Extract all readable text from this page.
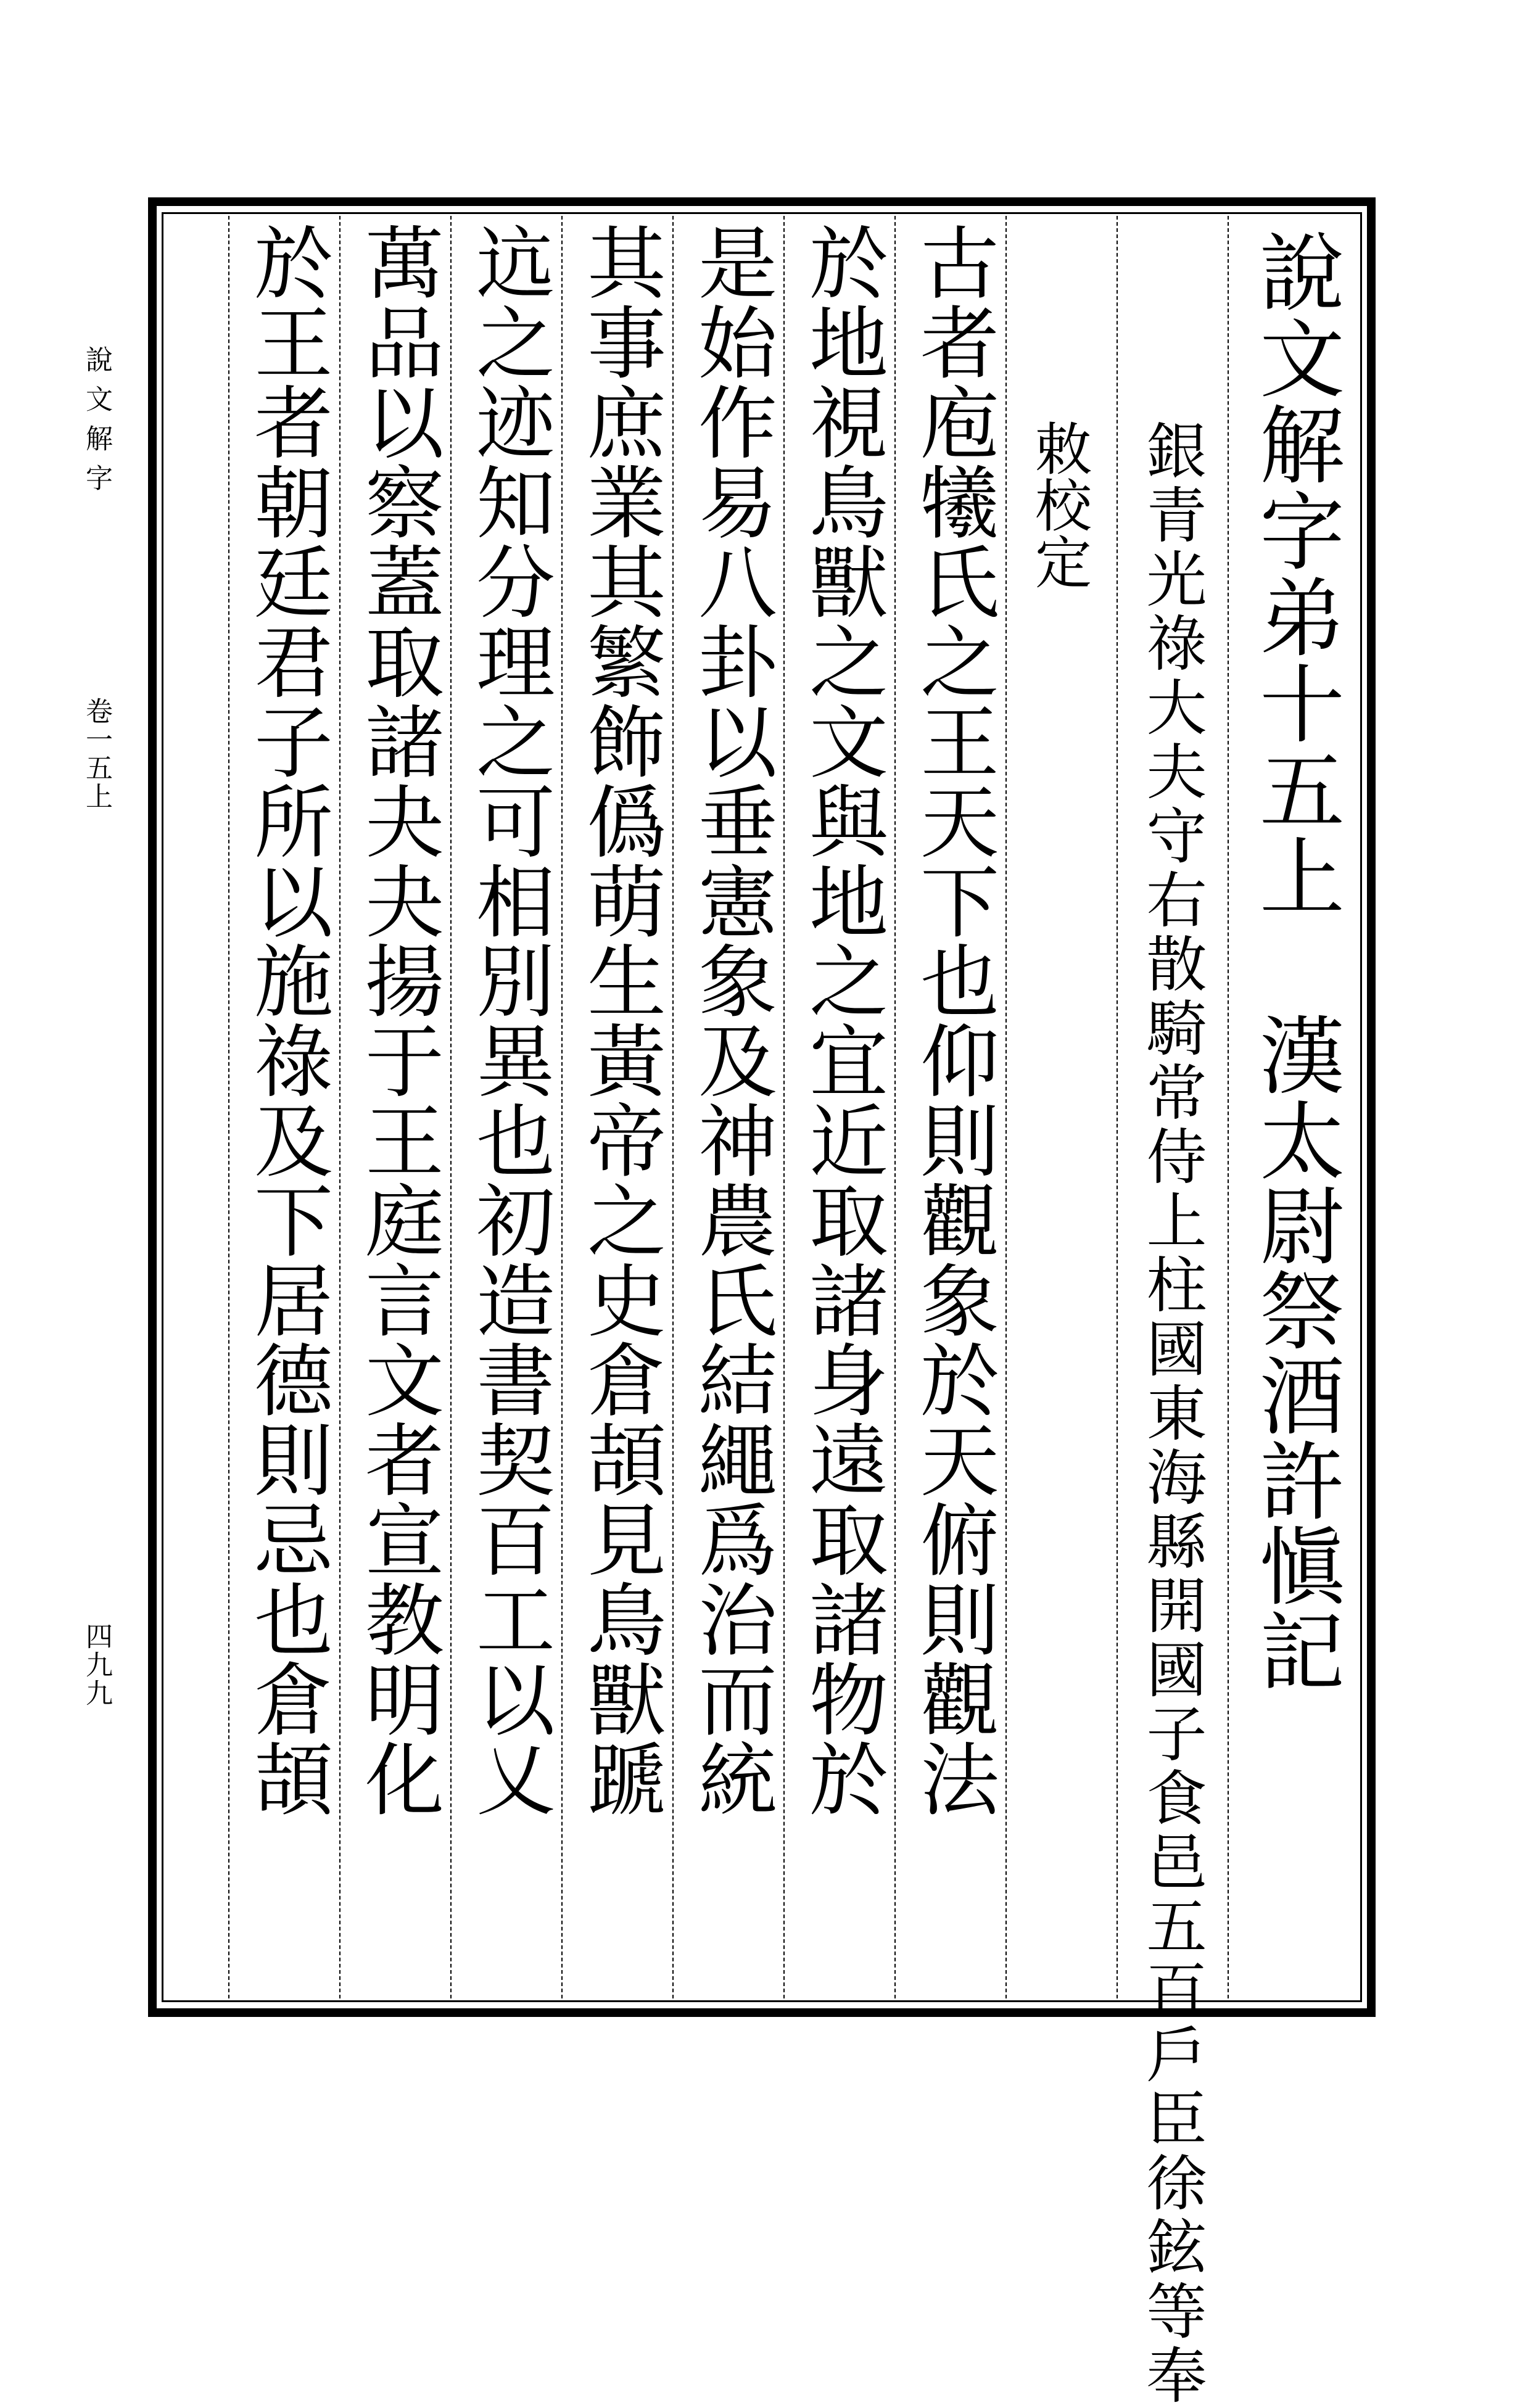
說文解字弟十五上
漢太尉祭酒許愼記
銀青光祿大夫守右散騎常侍上柱國東海縣開國子食邑五百戶臣徐鉉等奉
敕校定
古者庖犧氏之王天下也仰則觀象於天俯則觀法
於地視鳥獸之文與地之宜近取諸身遠取諸物於
是始作易八卦以垂憲象及神農氏結繩爲治而統
其事庶業其繁飾僞萌生黃帝之史倉頡見鳥獸蹏
迒之迹知分理之可相別異也初造書契百工以乂
萬品以察蓋取諸夬夬揚于王庭言文者宣教明化
於王者朝廷君子所以施祿及下居德則忌也倉頡
說文解字
卷一五上
四九九
